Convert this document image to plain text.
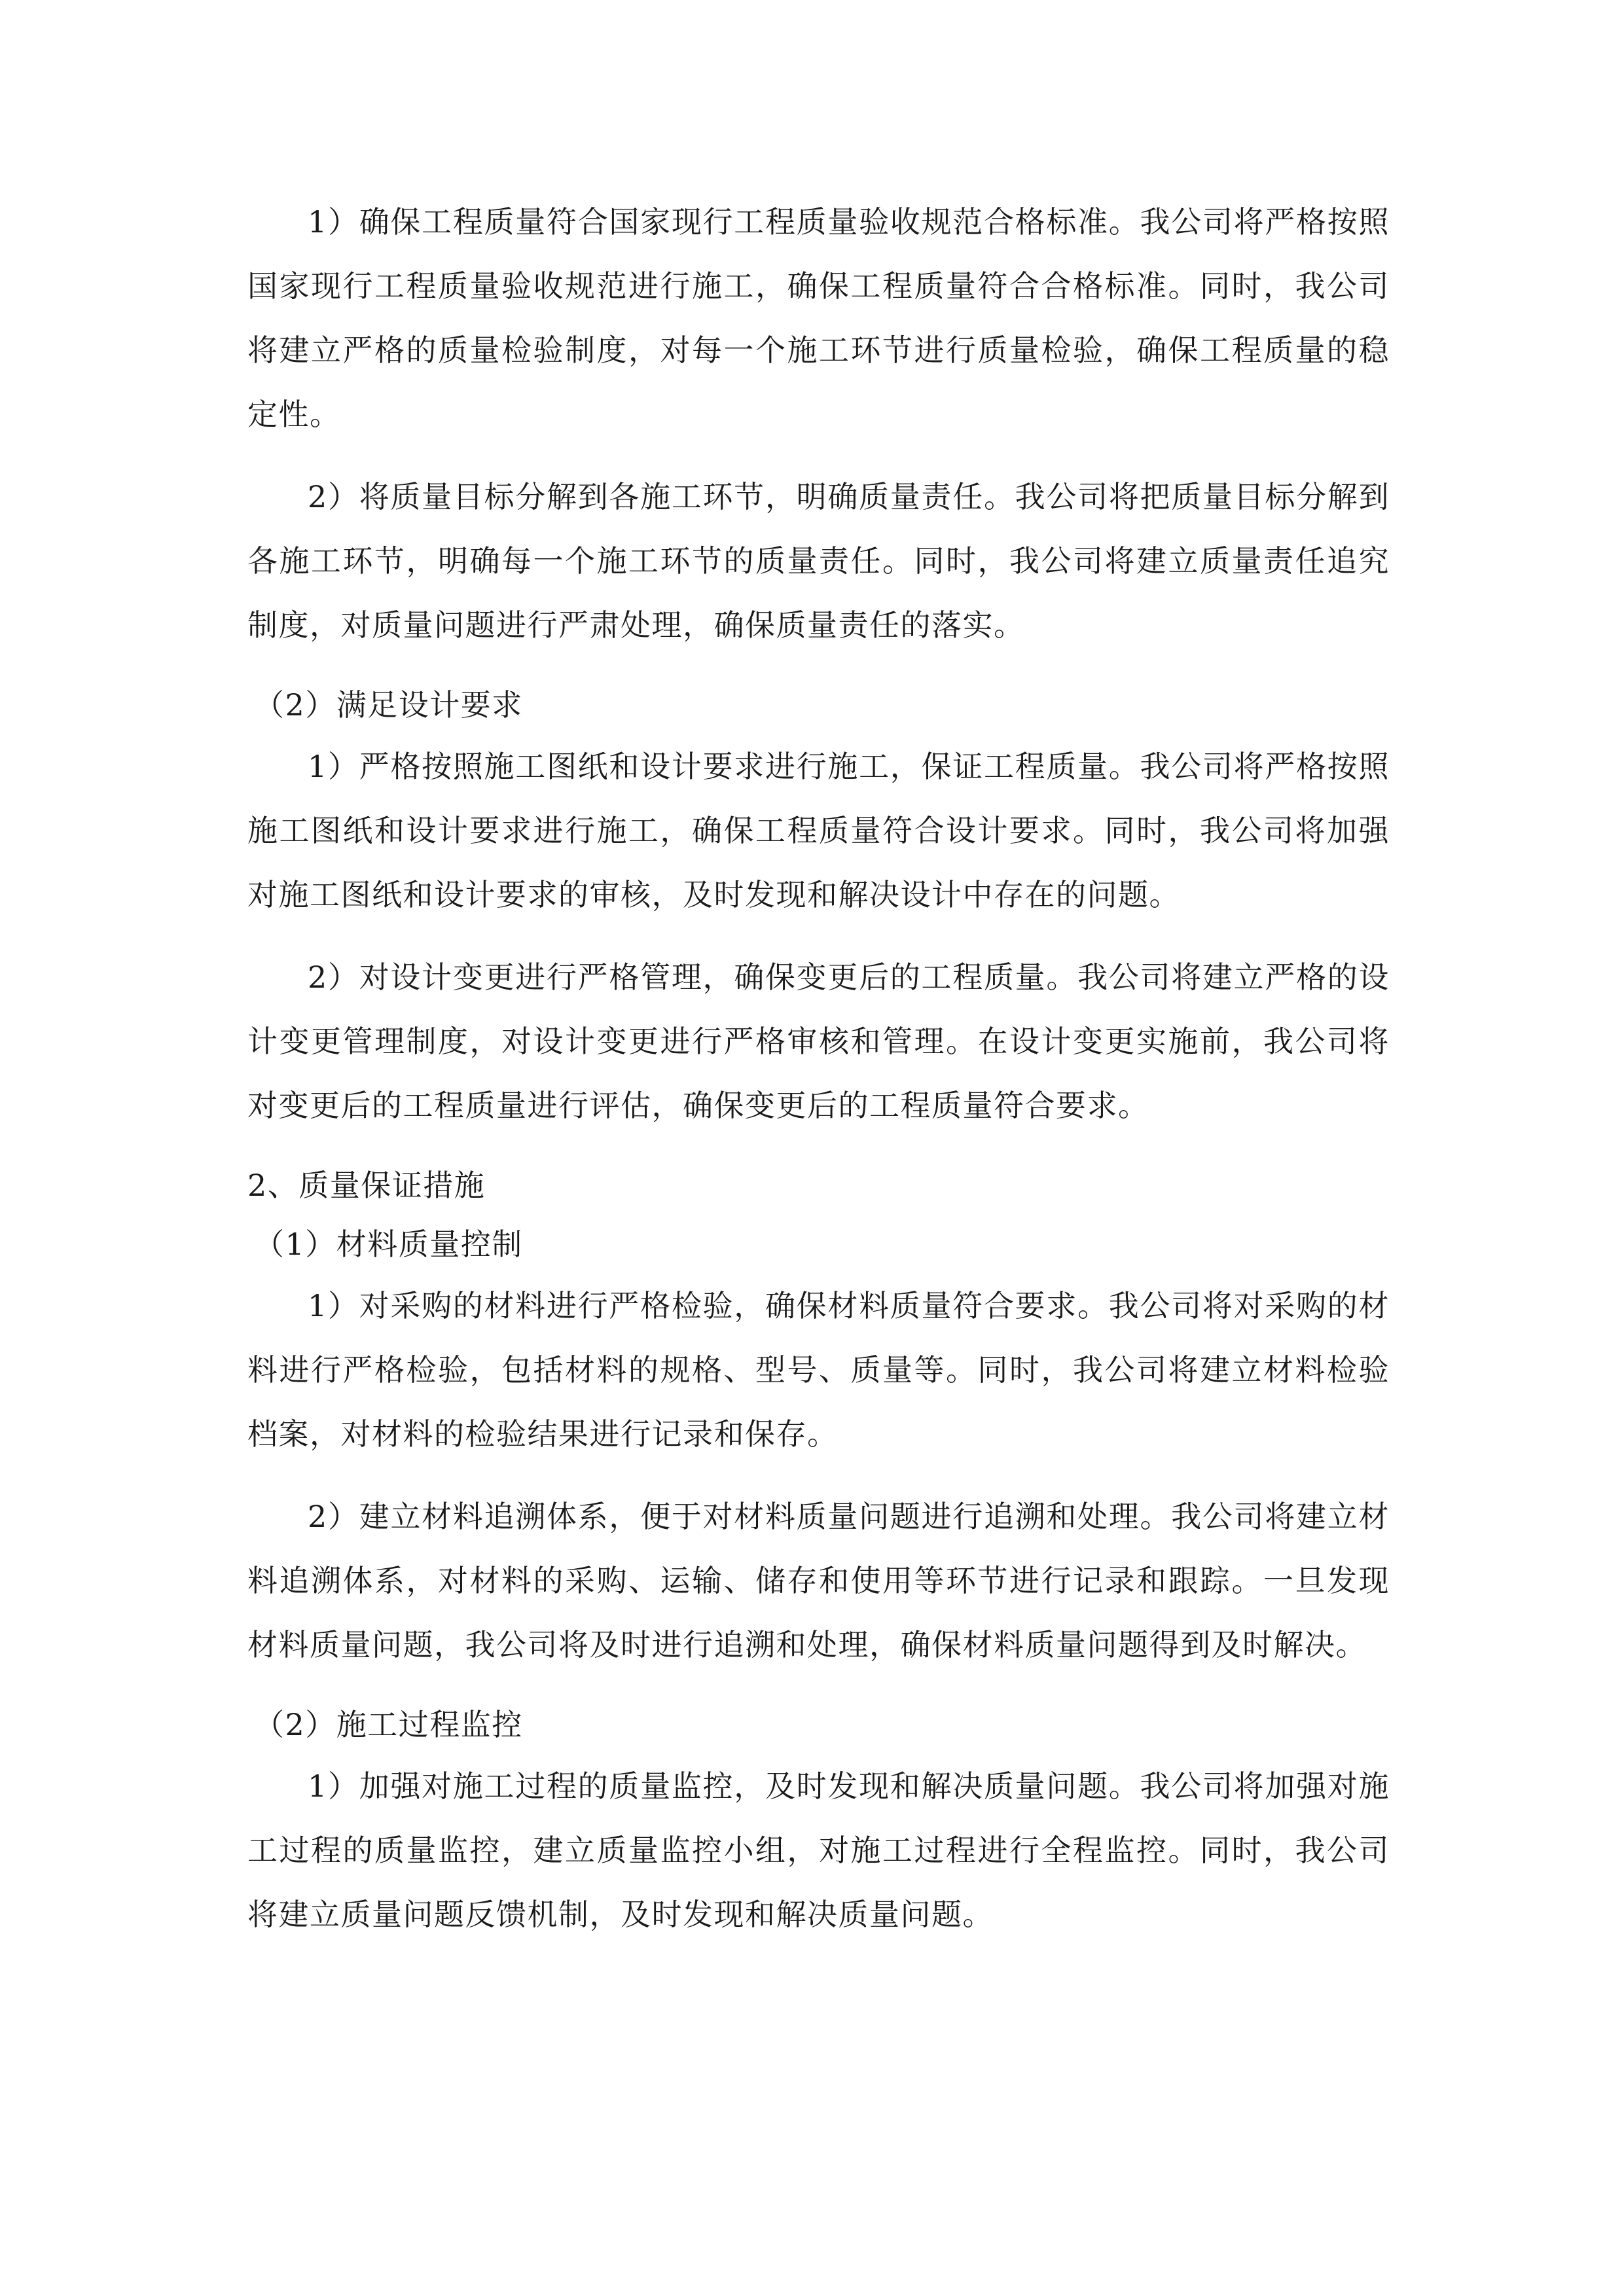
1）确保工程质量符合国家现行工程质量验收规范合格标准。我公司将严格按照国家现行工程质量验收规范进行施工，确保工程质量符合合格标准。同时，我公司将建立严格的质量检验制度，对每一个施工环节进行质量检验，确保工程质量的稳定性。

2）将质量目标分解到各施工环节，明确质量责任。我公司将把质量目标分解到各施工环节，明确每一个施工环节的质量责任。同时，我公司将建立质量责任追究制度，对质量问题进行严肃处理，确保质量责任的落实。

（2）满足设计要求

1）严格按照施工图纸和设计要求进行施工，保证工程质量。我公司将严格按照施工图纸和设计要求进行施工，确保工程质量符合设计要求。同时，我公司将加强对施工图纸和设计要求的审核，及时发现和解决设计中存在的问题。

2）对设计变更进行严格管理，确保变更后的工程质量。我公司将建立严格的设计变更管理制度，对设计变更进行严格审核和管理。在设计变更实施前，我公司将对变更后的工程质量进行评估，确保变更后的工程质量符合要求。

2、质量保证措施

（1）材料质量控制

1）对采购的材料进行严格检验，确保材料质量符合要求。我公司将对采购的材料进行严格检验，包括材料的规格、型号、质量等。同时，我公司将建立材料检验档案，对材料的检验结果进行记录和保存。

2）建立材料追溯体系，便于对材料质量问题进行追溯和处理。我公司将建立材料追溯体系，对材料的采购、运输、储存和使用等环节进行记录和跟踪。一旦发现材料质量问题，我公司将及时进行追溯和处理，确保材料质量问题得到及时解决。

（2）施工过程监控

1）加强对施工过程的质量监控，及时发现和解决质量问题。我公司将加强对施工过程的质量监控，建立质量监控小组，对施工过程进行全程监控。同时，我公司将建立质量问题反馈机制，及时发现和解决质量问题。
